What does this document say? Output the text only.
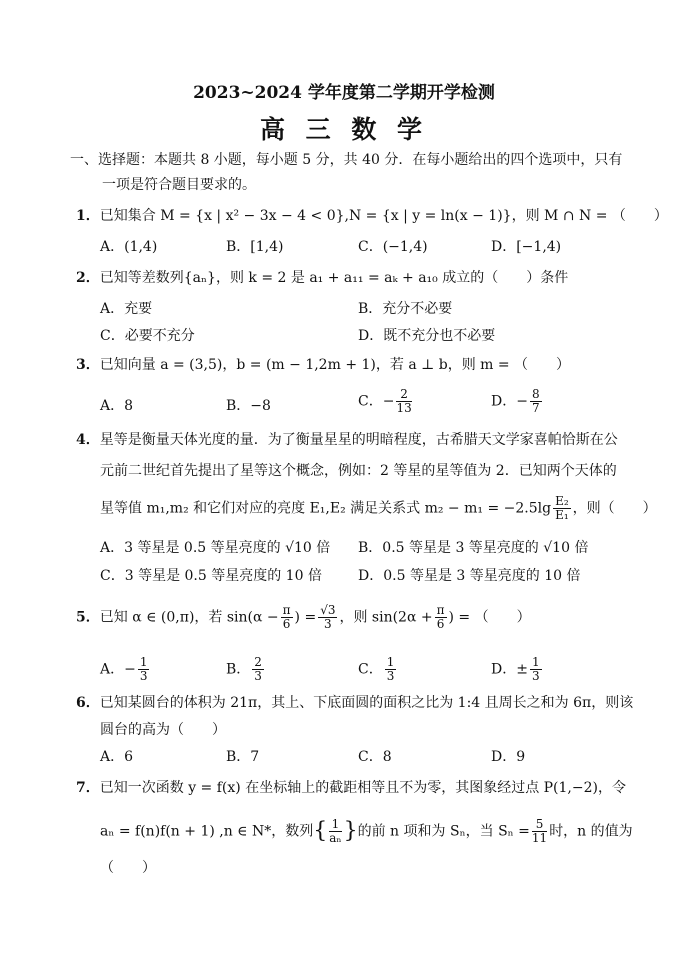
2023~2024 学年度第二学期开学检测
高 三 数 学
一、选择题：本题共 8 小题，每小题 5 分，共 40 分．在每小题给出的四个选项中，只有
一项是符合题目要求的。
1．已知集合 M = {x | x² − 3x − 4 < 0},N = {x | y = ln(x − 1)}，则 M ∩ N = （　　）
A．(1,4)	B．[1,4)	C．(−1,4)	D．[−1,4)
2．已知等差数列{aₙ}，则 k = 2 是 a₁ + a₁₁ = aₖ + a₁₀ 成立的（　　）条件
A．充要	B．充分不必要
C．必要不充分	D．既不充分也不必要
3．已知向量 a = (3,5)，b = (m − 1,2m + 1)，若 a ⊥ b，则 m = （　　）
A．8	B．−8	C．− $\frac{2}{13}$	D．− $\frac{8}{7}$
4．星等是衡量天体光度的量．为了衡量星星的明暗程度，古希腊天文学家喜帕恰斯在公
元前二世纪首先提出了星等这个概念，例如：2 等星的星等值为 2．已知两个天体的
星等值 m₁,m₂ 和它们对应的亮度 E₁,E₂ 满足关系式 $m_2 - m_1 = -2.5\lg \frac{\text{E₂}}{\text{E₁}}$ ，则（　　）
A．3 等星是 0.5 等星亮度的 √10 倍 B．0.5 等星是 3 等星亮度的 √10 倍
C．3 等星是 0.5 等星亮度的 10 倍	D．0.5 等星是 3 等星亮度的 10 倍
5．已知 α ∈ (0,π)，若 $\sin(\alpha - \frac{\pi}{6}$ ) = $\frac{√3}{3}$ ，则 $\sin(2\alpha + \frac{\pi}{6}$ ) = （　　）
A．− $\frac{1}{3}$	B． $\frac{2}{3}$	C． $\frac{1}{3}$	D．± $\frac{1}{3}$
6．已知某圆台的体积为 21π，其上、下底面圆的面积之比为 1:4 且周长之和为 6π，则该
圆台的高为（　　）
A．6	B．7	C．8	D．9
7．已知一次函数 y = f(x) 在坐标轴上的截距相等且不为零，其图象经过点 P(1,−2)，令
aₙ = f(n)f(n + 1) ,n ∈ N*，数列{ $\frac{1}{\text{aₙ}}$ }的前 n 项和为 Sₙ，当 $S_n = \frac{5}{11}$ 时，n 的值为
（　　）
